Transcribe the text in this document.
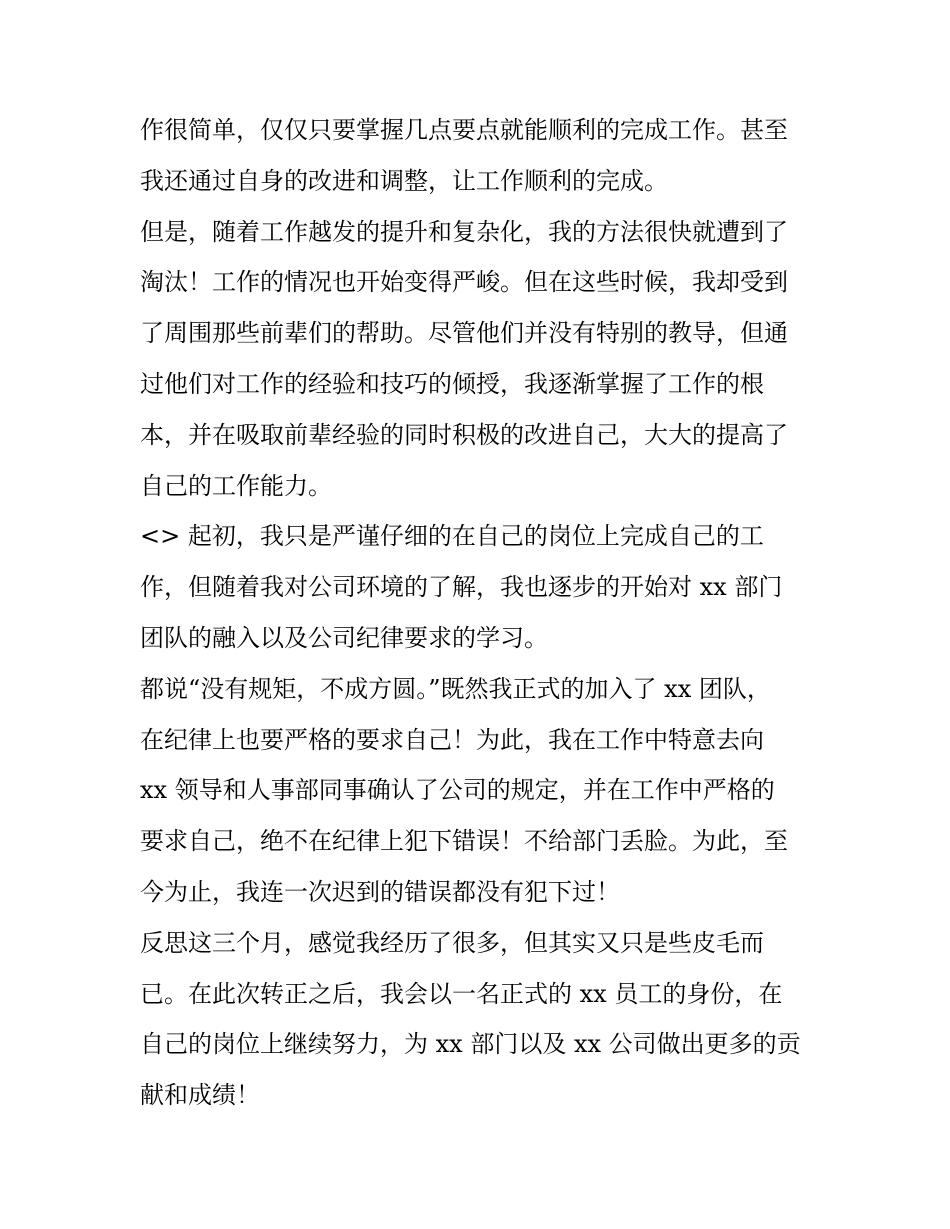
作很简单，仅仅只要掌握几点要点就能顺利的完成工作。甚至
我还通过自身的改进和调整，让工作顺利的完成。
但是，随着工作越发的提升和复杂化，我的方法很快就遭到了
淘汰！工作的情况也开始变得严峻。但在这些时候，我却受到
了周围那些前辈们的帮助。尽管他们并没有特别的教导，但通
过他们对工作的经验和技巧的倾授，我逐渐掌握了工作的根
本，并在吸取前辈经验的同时积极的改进自己，大大的提高了
自己的工作能力。
<> 起初，我只是严谨仔细的在自己的岗位上完成自己的工
作，但随着我对公司环境的了解，我也逐步的开始对 xx 部门
团队的融入以及公司纪律要求的学习。
都说“没有规矩，不成方圆。”既然我正式的加入了 xx 团队，
在纪律上也要严格的要求自己！为此，我在工作中特意去向
xx 领导和人事部同事确认了公司的规定，并在工作中严格的
要求自己，绝不在纪律上犯下错误！不给部门丢脸。为此，至
今为止，我连一次迟到的错误都没有犯下过！
反思这三个月，感觉我经历了很多，但其实又只是些皮毛而
已。在此次转正之后，我会以一名正式的 xx 员工的身份，在
自己的岗位上继续努力，为 xx 部门以及 xx 公司做出更多的贡
献和成绩！
